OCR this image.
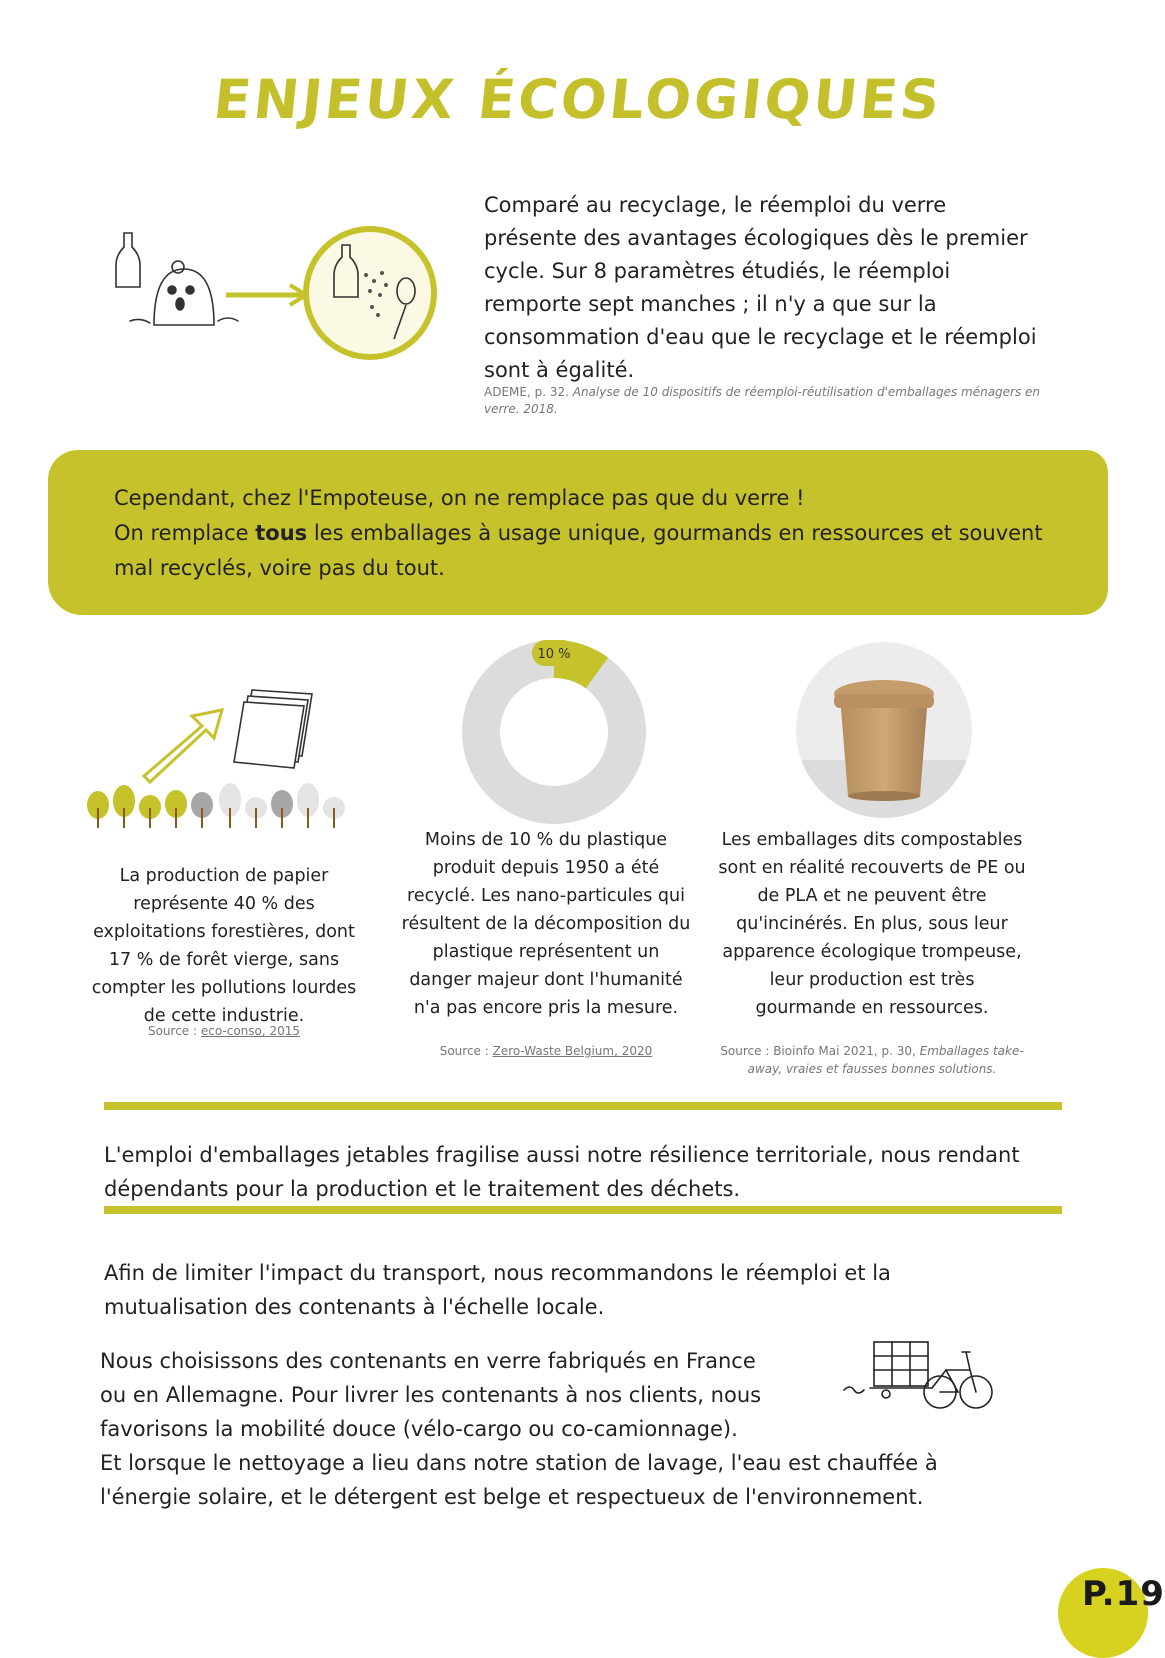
ENJEUX ÉCOLOGIQUES
Comparé au recyclage, le réemploi du verre présente des avantages écologiques dès le premier cycle. Sur 8 paramètres étudiés, le réemploi remporte sept manches ; il n'y a que sur la consommation d'eau que le recyclage et le réemploi sont à égalité.
ADEME, p. 32. Analyse de 10 dispositifs de réemploi-réutilisation d'emballages ménagers en verre. 2018.
Cependant, chez l'Empoteuse, on ne remplace pas que du verre !
On remplace tous les emballages à usage unique, gourmands en ressources et souvent mal recyclés, voire pas du tout.
La production de papier représente 40 % des exploitations forestières, dont 17 % de forêt vierge, sans compter les pollutions lourdes de cette industrie.
Source : eco-conso, 2015
10 %
Moins de 10 % du plastique produit depuis 1950 a été recyclé. Les nano-particules qui résultent de la décomposition du plastique représentent un danger majeur dont l'humanité n'a pas encore pris la mesure.
Source : Zero-Waste Belgium, 2020
Les emballages dits compostables sont en réalité recouverts de PE ou de PLA et ne peuvent être qu'incinérés. En plus, sous leur apparence écologique trompeuse, leur production est très gourmande en ressources.
Source : Bioinfo Mai 2021, p. 30, Emballages take-away, vraies et fausses bonnes solutions.
L'emploi d'emballages jetables fragilise aussi notre résilience territoriale, nous rendant dépendants pour la production et le traitement des déchets.
Afin de limiter l'impact du transport, nous recommandons le réemploi et la mutualisation des contenants à l'échelle locale.
Nous choisissons des contenants en verre fabriqués en France
ou en Allemagne. Pour livrer les contenants à nos clients, nous
favorisons la mobilité douce (vélo-cargo ou co-camionnage).
Et lorsque le nettoyage a lieu dans notre station de lavage, l'eau est chauffée à
l'énergie solaire, et le détergent est belge et respectueux de l'environnement.
P.19
